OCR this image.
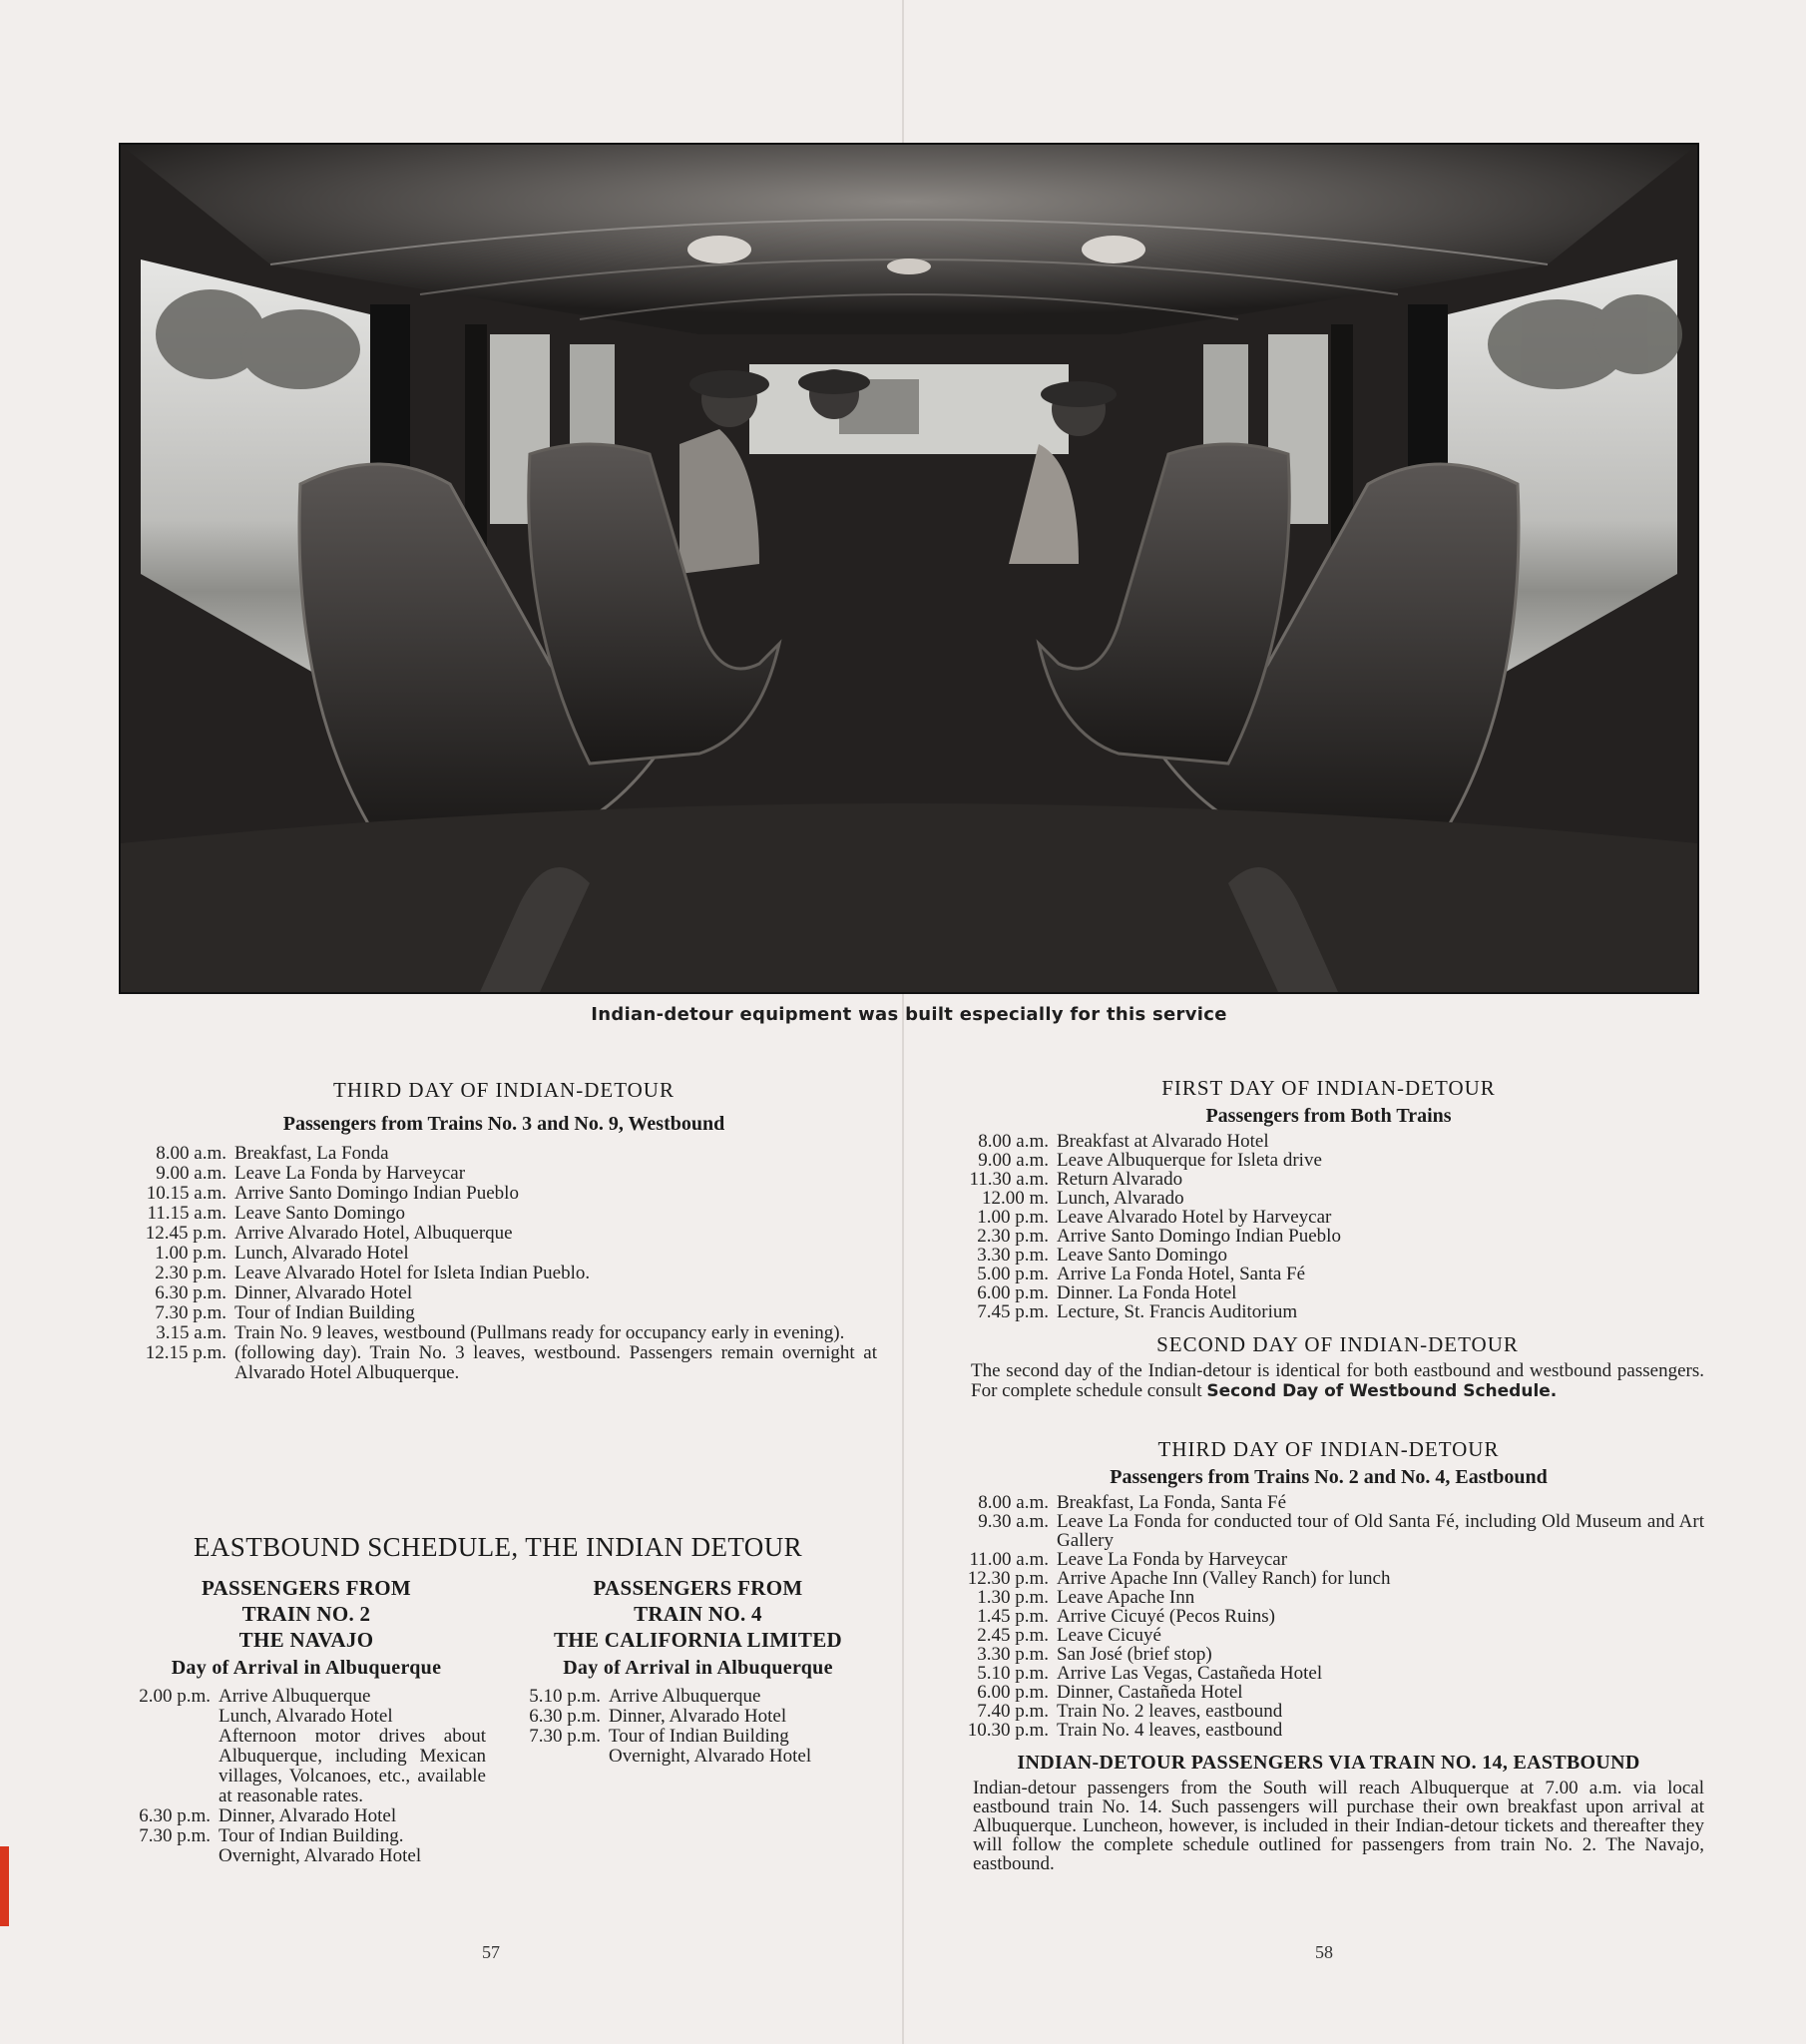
Indian-detour equipment was built especially for this service
THIRD DAY OF INDIAN-DETOUR
Passengers from Trains No. 3 and No. 9, Westbound
8.00 a.m.	Breakfast, La Fonda
9.00 a.m.	Leave La Fonda by Harveycar
10.15 a.m.	Arrive Santo Domingo Indian Pueblo
11.15 a.m.	Leave Santo Domingo
12.45 p.m.	Arrive Alvarado Hotel, Albuquerque
1.00 p.m.	Lunch, Alvarado Hotel
2.30 p.m.	Leave Alvarado Hotel for Isleta Indian Pueblo.
6.30 p.m.	Dinner, Alvarado Hotel
7.30 p.m.	Tour of Indian Building
3.15 a.m.	Train No. 9 leaves, westbound (Pullmans ready for occupancy early in evening).
12.15 p.m.	(following day). Train No. 3 leaves, westbound. Passengers remain overnight at Alvarado Hotel Albuquerque.
EASTBOUND SCHEDULE, THE INDIAN DETOUR
PASSENGERS FROM
TRAIN NO. 2
THE NAVAJO
Day of Arrival in Albuquerque
2.00 p.m.	Arrive Albuquerque
	Lunch, Alvarado Hotel
	Afternoon motor drives about Albuquerque, including Mexican villages, Volcanoes, etc., available at reasonable rates.
6.30 p.m.	Dinner, Alvarado Hotel
7.30 p.m.	Tour of Indian Building.
	Overnight, Alvarado Hotel
PASSENGERS FROM
TRAIN NO. 4
THE CALIFORNIA LIMITED
Day of Arrival in Albuquerque
5.10 p.m.	Arrive Albuquerque
6.30 p.m.	Dinner, Alvarado Hotel
7.30 p.m.	Tour of Indian Building
	Overnight, Alvarado Hotel
FIRST DAY OF INDIAN-DETOUR
Passengers from Both Trains
8.00 a.m.	Breakfast at Alvarado Hotel
9.00 a.m.	Leave Albuquerque for Isleta drive
11.30 a.m.	Return Alvarado
12.00 m.	Lunch, Alvarado
1.00 p.m.	Leave Alvarado Hotel by Harveycar
2.30 p.m.	Arrive Santo Domingo Indian Pueblo
3.30 p.m.	Leave Santo Domingo
5.00 p.m.	Arrive La Fonda Hotel, Santa Fé
6.00 p.m.	Dinner. La Fonda Hotel
7.45 p.m.	Lecture, St. Francis Auditorium
SECOND DAY OF INDIAN-DETOUR

The second day of the Indian-detour is identical for both eastbound and westbound passengers. For complete schedule consult Second Day of Westbound Schedule.

THIRD DAY OF INDIAN-DETOUR
Passengers from Trains No. 2 and No. 4, Eastbound
8.00 a.m.	Breakfast, La Fonda, Santa Fé
9.30 a.m.	Leave La Fonda for conducted tour of Old Santa Fé, including Old Museum and Art Gallery
11.00 a.m.	Leave La Fonda by Harveycar
12.30 p.m.	Arrive Apache Inn (Valley Ranch) for lunch
1.30 p.m.	Leave Apache Inn
1.45 p.m.	Arrive Cicuyé (Pecos Ruins)
2.45 p.m.	Leave Cicuyé
3.30 p.m.	San José (brief stop)
5.10 p.m.	Arrive Las Vegas, Castañeda Hotel
6.00 p.m.	Dinner, Castañeda Hotel
7.40 p.m.	Train No. 2 leaves, eastbound
10.30 p.m.	Train No. 4 leaves, eastbound
INDIAN-DETOUR PASSENGERS VIA TRAIN NO. 14, EASTBOUND

Indian-detour passengers from the South will reach Albuquerque at 7.00 a.m. via local eastbound train No. 14. Such passengers will purchase their own breakfast upon arrival at Albuquerque. Luncheon, however, is included in their Indian-detour tickets and thereafter they will follow the complete schedule outlined for passengers from train No. 2. The Navajo, eastbound.

57	58
